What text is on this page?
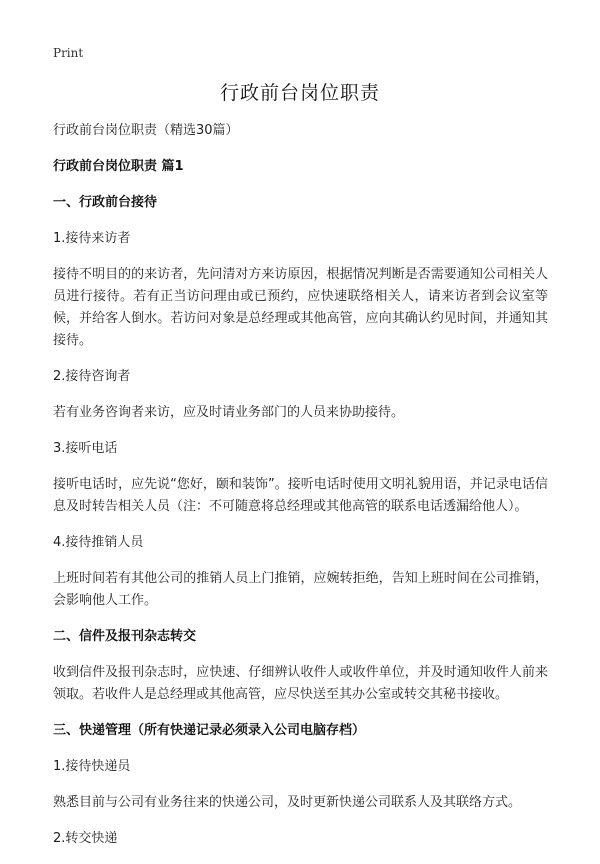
Print
行政前台岗位职责
行政前台岗位职责（精选30篇）
行政前台岗位职责 篇1
一、行政前台接待
1.接待来访者
接待不明目的的来访者，先问清对方来访原因，根据情况判断是否需要通知公司相关人员进行接待。若有正当访问理由或已预约，应快速联络相关人，请来访者到会议室等候，并给客人倒水。若访问对象是总经理或其他高管，应向其确认约见时间，并通知其接待。
2.接待咨询者
若有业务咨询者来访，应及时请业务部门的人员来协助接待。
3.接听电话
接听电话时，应先说“您好，颐和装饰”。接听电话时使用文明礼貌用语，并记录电话信息及时转告相关人员（注：不可随意将总经理或其他高管的联系电话透漏给他人）。
4.接待推销人员
上班时间若有其他公司的推销人员上门推销，应婉转拒绝，告知上班时间在公司推销，会影响他人工作。
二、信件及报刊杂志转交
收到信件及报刊杂志时，应快速、仔细辨认收件人或收件单位，并及时通知收件人前来领取。若收件人是总经理或其他高管，应尽快送至其办公室或转交其秘书接收。
三、快递管理（所有快递记录必须录入公司电脑存档）
1.接待快递员
熟悉目前与公司有业务往来的快递公司，及时更新快递公司联系人及其联络方式。
2.转交快递
